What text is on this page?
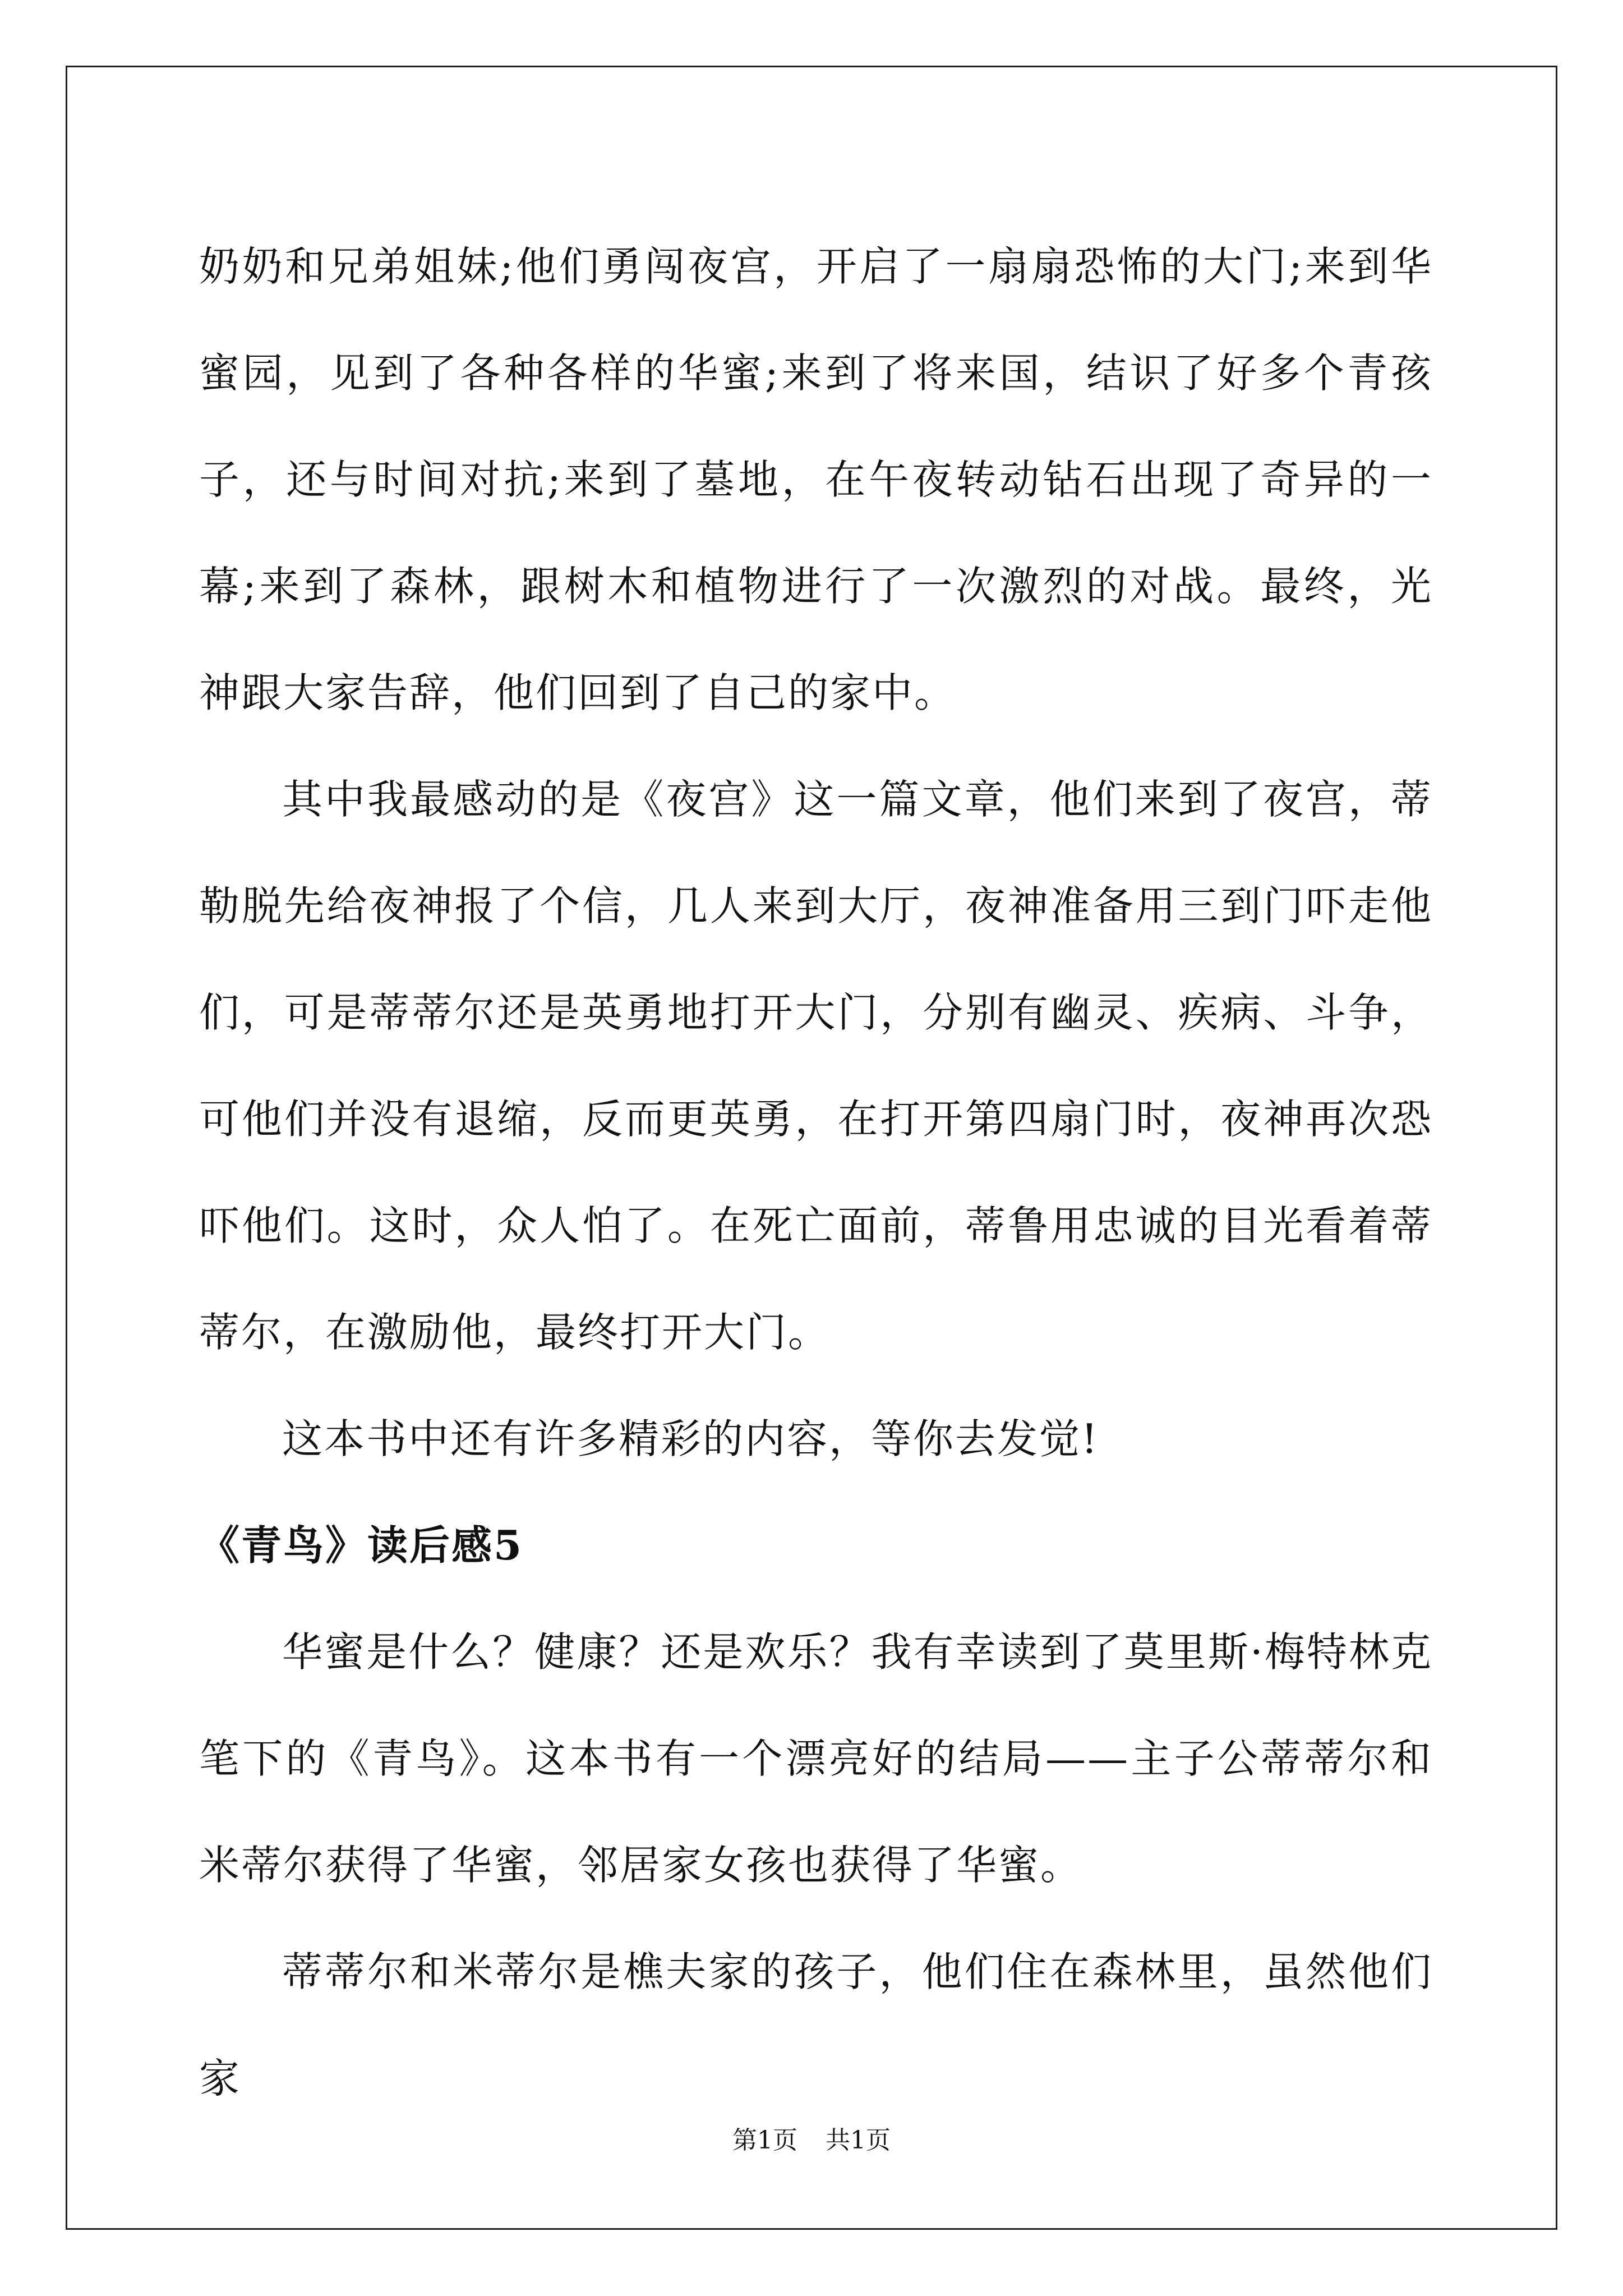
奶奶和兄弟姐妹;他们勇闯夜宫，开启了一扇扇恐怖的大门;来到华蜜园，见到了各种各样的华蜜;来到了将来国，结识了好多个青孩子，还与时间对抗;来到了墓地，在午夜转动钻石出现了奇异的一幕;来到了森林，跟树木和植物进行了一次激烈的对战。最终，光神跟大家告辞，他们回到了自己的家中。

其中我最感动的是《夜宫》这一篇文章，他们来到了夜宫，蒂勒脱先给夜神报了个信，几人来到大厅，夜神准备用三到门吓走他们，可是蒂蒂尔还是英勇地打开大门，分别有幽灵、疾病、斗争，可他们并没有退缩，反而更英勇，在打开第四扇门时，夜神再次恐吓他们。这时，众人怕了。在死亡面前，蒂鲁用忠诚的目光看着蒂蒂尔，在激励他，最终打开大门。

这本书中还有许多精彩的内容，等你去发觉!

《青鸟》读后感5

华蜜是什么？健康？还是欢乐？我有幸读到了莫里斯·梅特林克笔下的《青鸟》。这本书有一个漂亮好的结局——主子公蒂蒂尔和米蒂尔获得了华蜜，邻居家女孩也获得了华蜜。

蒂蒂尔和米蒂尔是樵夫家的孩子，他们住在森林里，虽然他们家

第1页 共1页
